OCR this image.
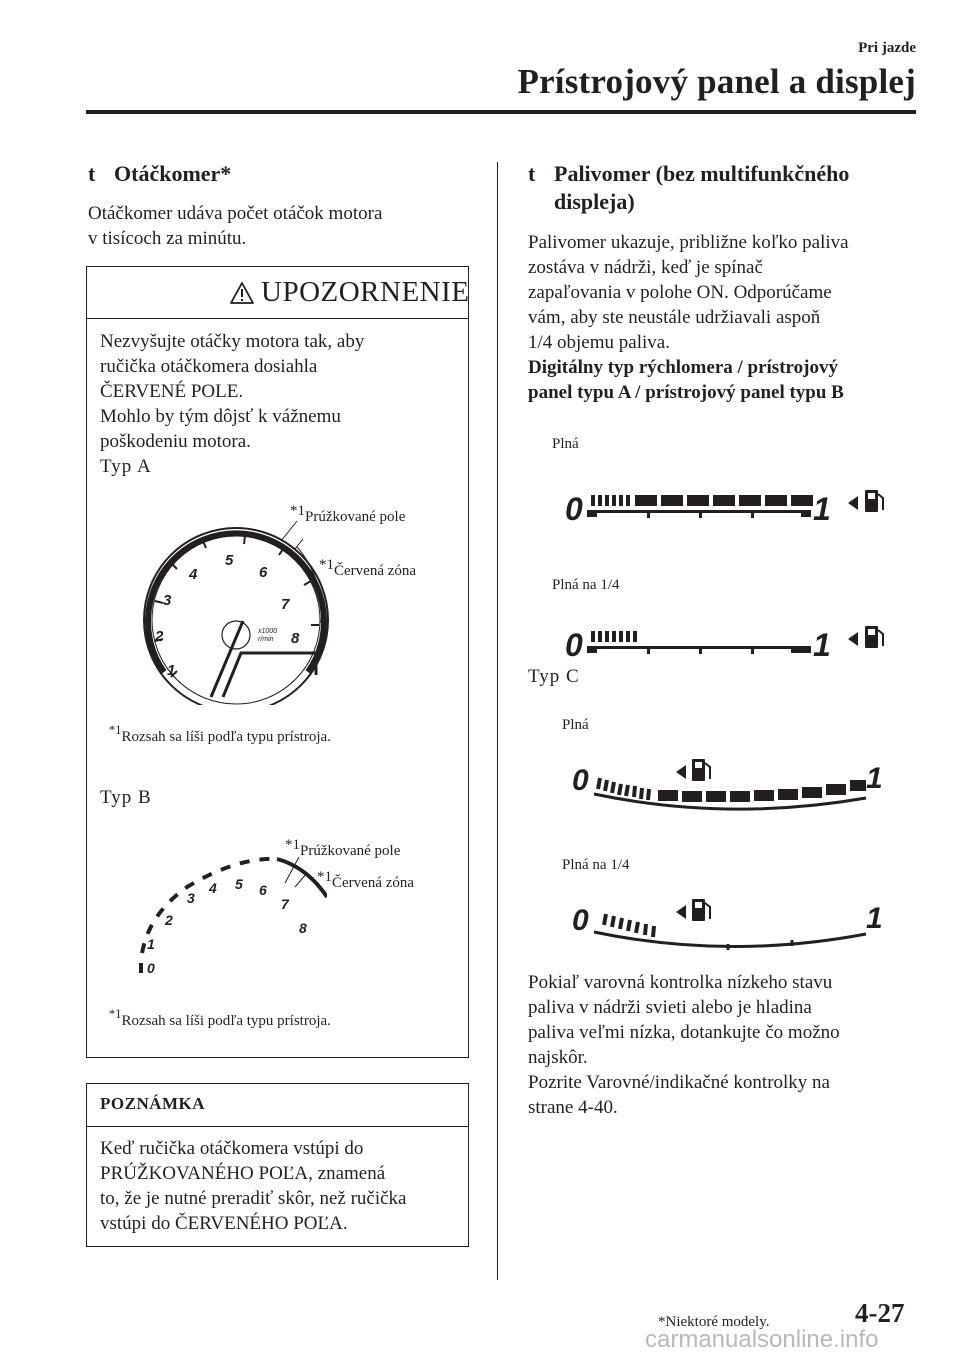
Pri jazde
Prístrojový panel a displej
t Otáčkomer*
Otáčkomer udáva počet otáčok motora
v tisícoch za minútu.
UPOZORNENIE
Nezvyšujte otáčky motora tak, aby
ručička otáčkomera dosiahla
ČERVENÉ POLE.
Mohlo by tým dôjsť k vážnemu
poškodeniu motora.
Typ A
1
2
3
4
5
6
7
8
x1000
r/min
$^{*1}$Prúžkované pole
$^{*1}$Červená zóna
$^{*1}$Rozsah sa líši podľa typu prístroja.
Typ B
0
1
2
3
4 5 6
7
8
$^{*1}$Prúžkované pole
$^{*1}$Červená zóna
$^{*1}$Rozsah sa líši podľa typu prístroja.
POZNÁMKA
Keď ručička otáčkomera vstúpi do
PRÚŽKOVANÉHO POĽA, znamená
to, že je nutné preradiť skôr, než ručička
vstúpi do ČERVENÉHO POĽA.
t Palivomer (bez multifunkčného
displeja)
Palivomer ukazuje, približne koľko paliva
zostáva v nádrži, keď je spínač
zapaľovania v polohe ON. Odporúčame
vám, aby ste neustále udržiavali aspoň
1/4 objemu paliva.
Digitálny typ rýchlomera / prístrojový
panel typu A / prístrojový panel typu B
Plná
0	1
Plná na 1/4
0	1
Typ C
Plná
0	1
Plná na 1/4
0	1
Pokiaľ varovná kontrolka nízkeho stavu
paliva v nádrži svieti alebo je hladina
paliva veľmi nízka, dotankujte čo možno
najskôr.
Pozrite Varovné/indikačné kontrolky na
strane 4-40.
*Niektoré modely.	4-27
carmanualsonline.info
